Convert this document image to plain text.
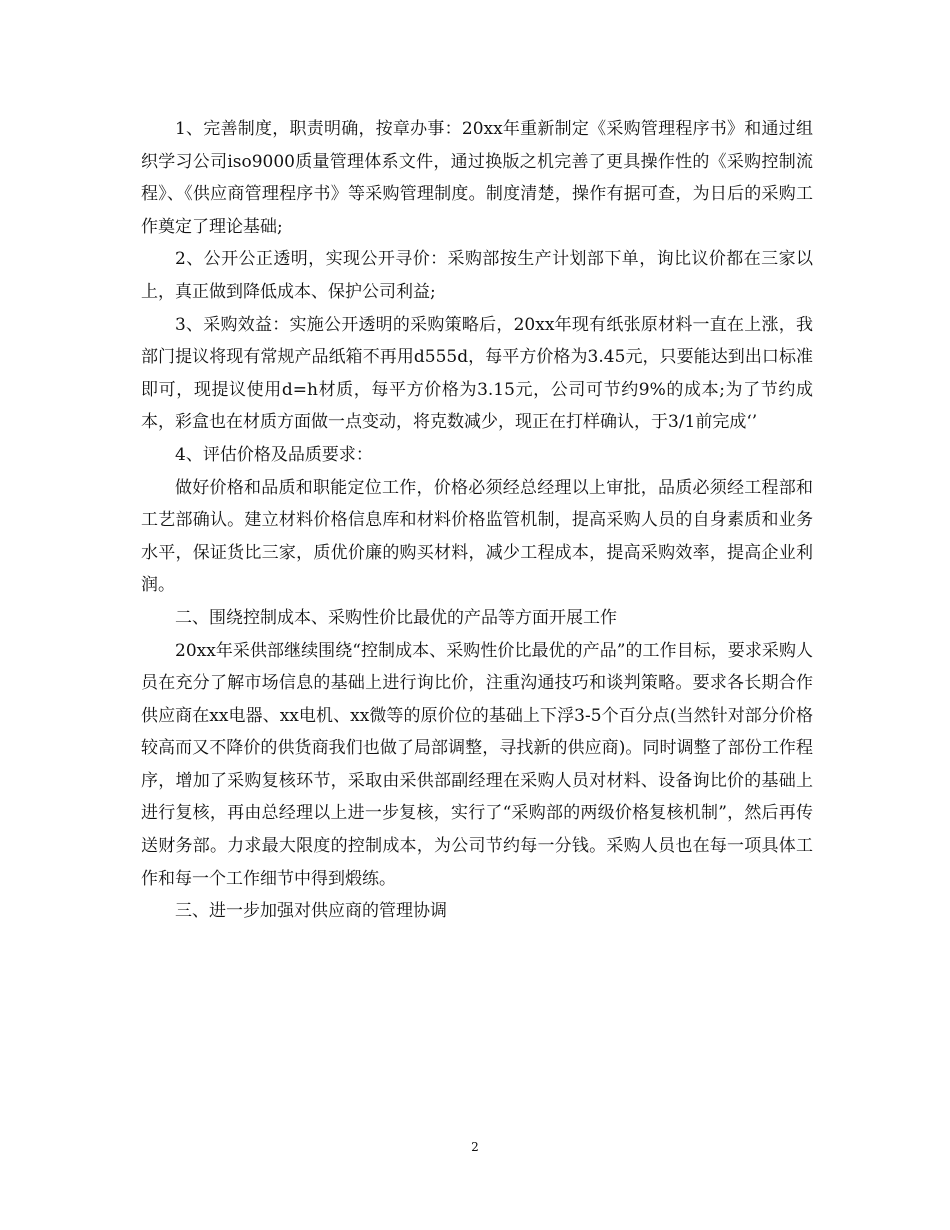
1、完善制度，职责明确，按章办事：20xx年重新制定《采购管理程序书》和通过组织学习公司iso9000质量管理体系文件，通过换版之机完善了更具操作性的《采购控制流程》、《供应商管理程序书》等采购管理制度。制度清楚，操作有据可查，为日后的采购工作奠定了理论基础;

2、公开公正透明，实现公开寻价：采购部按生产计划部下单，询比议价都在三家以上，真正做到降低成本、保护公司利益;

3、采购效益：实施公开透明的采购策略后，20xx年现有纸张原材料一直在上涨，我部门提议将现有常规产品纸箱不再用d555d，每平方价格为3.45元，只要能达到出口标准即可，现提议使用d=h材质，每平方价格为3.15元，公司可节约9%的成本;为了节约成本，彩盒也在材质方面做一点变动，将克数减少，现正在打样确认，于3/1前完成‘’

4、评估价格及品质要求：

做好价格和品质和职能定位工作，价格必须经总经理以上审批，品质必须经工程部和工艺部确认。建立材料价格信息库和材料价格监管机制，提高采购人员的自身素质和业务水平，保证货比三家，质优价廉的购买材料，减少工程成本，提高采购效率，提高企业利润。

二、围绕控制成本、采购性价比最优的产品等方面开展工作

20xx年采供部继续围绕“控制成本、采购性价比最优的产品”的工作目标，要求采购人员在充分了解市场信息的基础上进行询比价，注重沟通技巧和谈判策略。要求各长期合作供应商在xx电器、xx电机、xx微等的原价位的基础上下浮3-5个百分点(当然针对部分价格较高而又不降价的供货商我们也做了局部调整，寻找新的供应商)。同时调整了部份工作程序，增加了采购复核环节，采取由采供部副经理在采购人员对材料、设备询比价的基础上进行复核，再由总经理以上进一步复核，实行了“采购部的两级价格复核机制”，然后再传送财务部。力求最大限度的控制成本，为公司节约每一分钱。采购人员也在每一项具体工作和每一个工作细节中得到煅练。

三、进一步加强对供应商的管理协调

2
